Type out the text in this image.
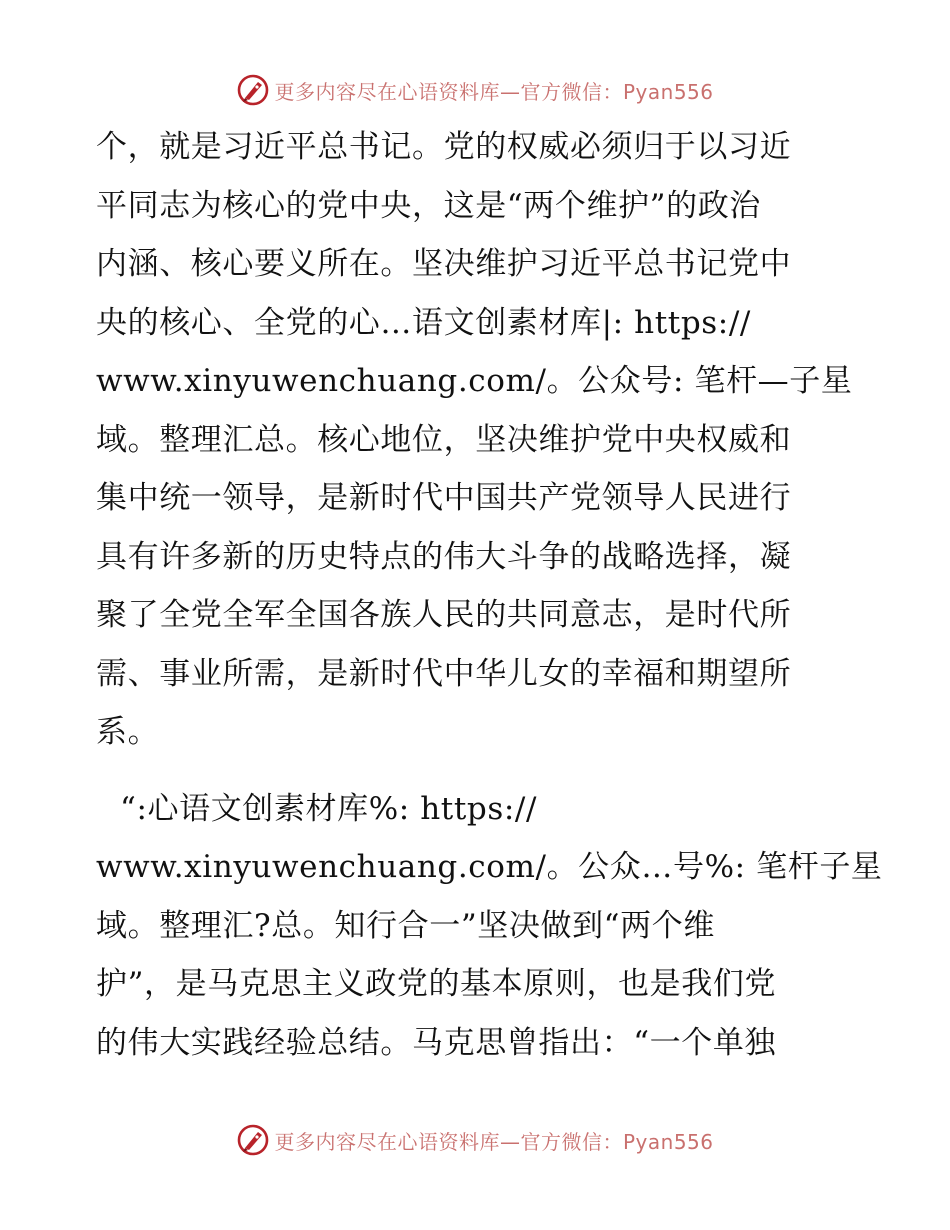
更多内容尽在心语资料库—官方微信：Pyan556
个，就是习近平总书记。党的权威必须归于以习近
平同志为核心的党中央，这是“两个维护”的政治
内涵、核心要义所在。坚决维护习近平总书记党中
央的核心、全党的心…语文创素材库|: https://
www.xinyuwenchuang.com/。公众号: 笔杆—子星
域。整理汇总。核心地位，坚决维护党中央权威和
集中统一领导，是新时代中国共产党领导人民进行
具有许多新的历史特点的伟大斗争的战略选择，凝
聚了全党全军全国各族人民的共同意志，是时代所
需、事业所需，是新时代中华儿女的幸福和期望所
系。
“:心语文创素材库%: https://
www.xinyuwenchuang.com/。公众…号%: 笔杆子星
域。整理汇?总。知行合一”坚决做到“两个维
护”，是马克思主义政党的基本原则，也是我们党
的伟大实践经验总结。马克思曾指出：“一个单独
更多内容尽在心语资料库—官方微信：Pyan556
